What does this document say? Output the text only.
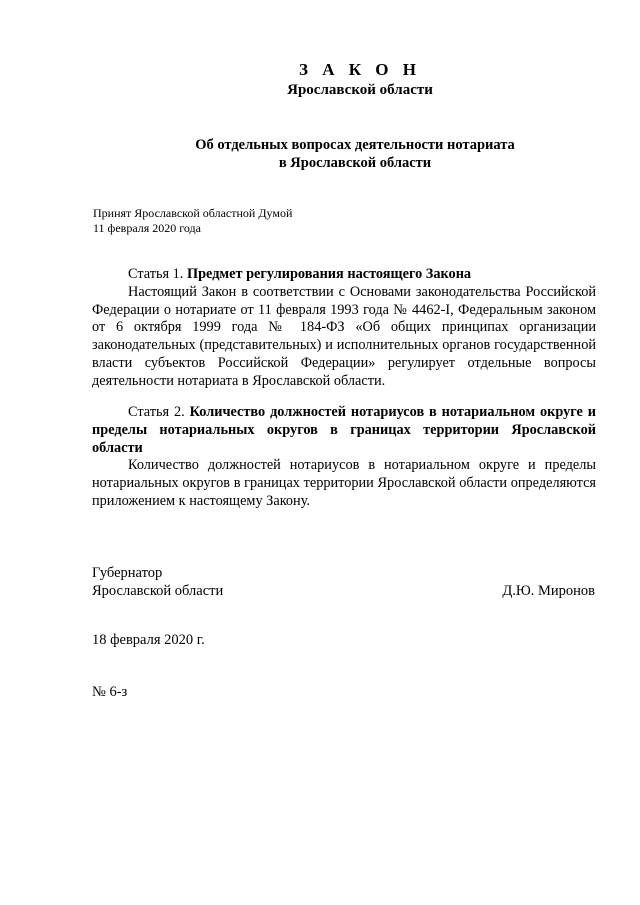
З А К О Н
Ярославской области
Об отдельных вопросах деятельности нотариата
в Ярославской области
Принят Ярославской областной Думой
11 февраля 2020 года

Статья 1. Предмет регулирования настоящего Закона

Настоящий Закон в соответствии с Основами законодательства Российской Федерации о нотариате от 11 февраля 1993 года № 4462-I, Федеральным законом от 6 октября 1999 года № 184-ФЗ «Об общих принципах организации законодательных (представительных) и исполнительных органов государственной власти субъектов Российской Федерации» регулирует отдельные вопросы деятельности нотариата в Ярославской области.

Статья 2. Количество должностей нотариусов в нотариальном округе и пределы нотариальных округов в границах территории Ярославской области

Количество должностей нотариусов в нотариальном округе и пределы нотариальных округов в границах территории Ярославской области определяются приложением к настоящему Закону.

Губернатор
Ярославской области	Д.Ю. Миронов
18 февраля 2020 г.
№ 6-з
